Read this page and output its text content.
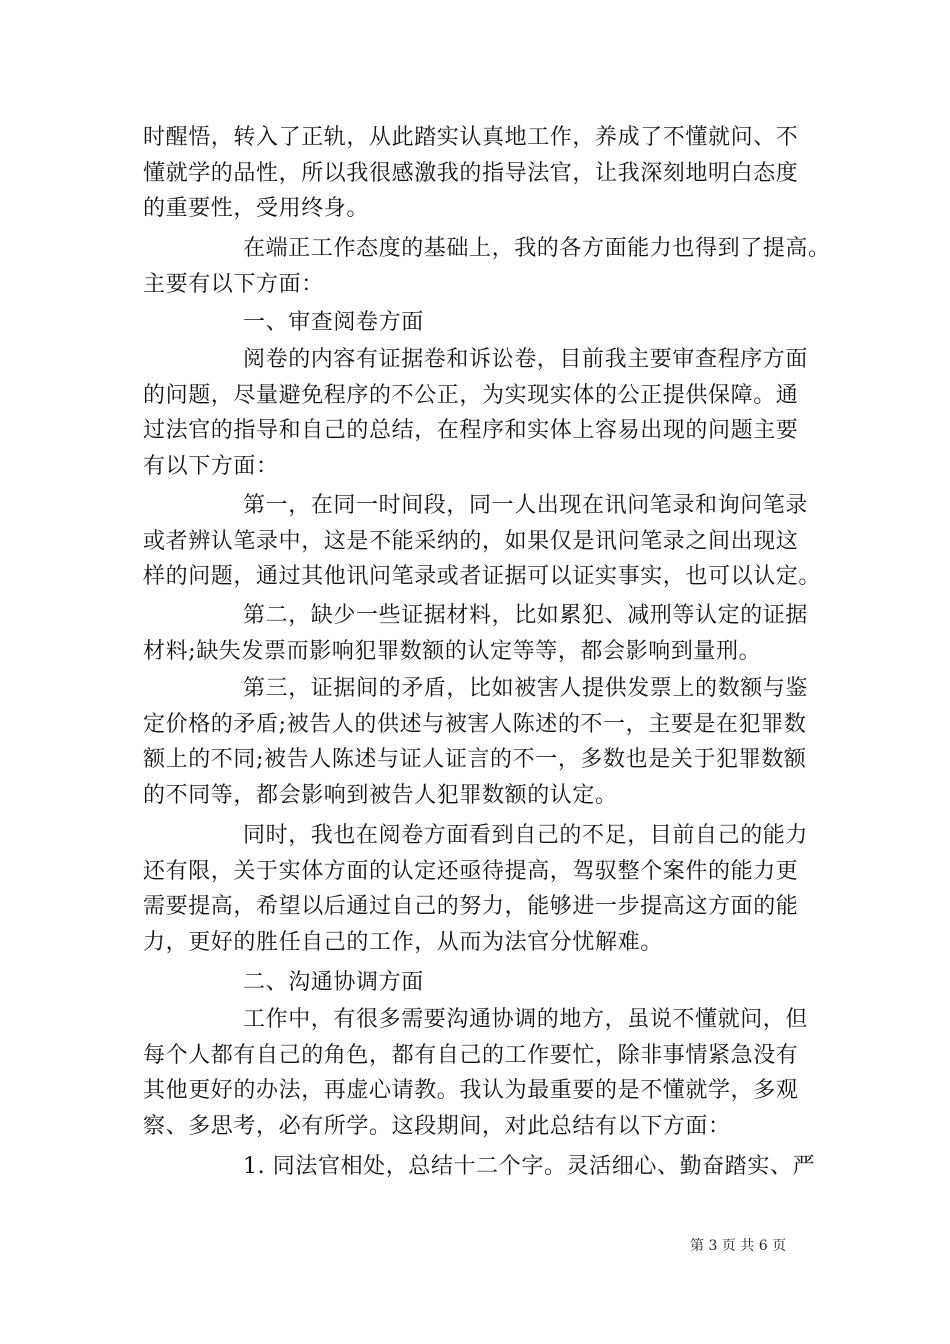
时醒悟，转入了正轨，从此踏实认真地工作，养成了不懂就问、不
懂就学的品性，所以我很感激我的指导法官，让我深刻地明白态度
的重要性，受用终身。

在端正工作态度的基础上，我的各方面能力也得到了提高。
主要有以下方面：

一、审查阅卷方面

阅卷的内容有证据卷和诉讼卷，目前我主要审查程序方面
的问题，尽量避免程序的不公正，为实现实体的公正提供保障。通
过法官的指导和自己的总结，在程序和实体上容易出现的问题主要
有以下方面：

第一，在同一时间段，同一人出现在讯问笔录和询问笔录
或者辨认笔录中，这是不能采纳的，如果仅是讯问笔录之间出现这
样的问题，通过其他讯问笔录或者证据可以证实事实，也可以认定。

第二，缺少一些证据材料，比如累犯、减刑等认定的证据
材料;缺失发票而影响犯罪数额的认定等等，都会影响到量刑。

第三，证据间的矛盾，比如被害人提供发票上的数额与鉴
定价格的矛盾;被告人的供述与被害人陈述的不一，主要是在犯罪数
额上的不同;被告人陈述与证人证言的不一，多数也是关于犯罪数额
的不同等，都会影响到被告人犯罪数额的认定。

同时，我也在阅卷方面看到自己的不足，目前自己的能力
还有限，关于实体方面的认定还亟待提高，驾驭整个案件的能力更
需要提高，希望以后通过自己的努力，能够进一步提高这方面的能
力，更好的胜任自己的工作，从而为法官分忧解难。

二、沟通协调方面

工作中，有很多需要沟通协调的地方，虽说不懂就问，但
每个人都有自己的角色，都有自己的工作要忙，除非事情紧急没有
其他更好的办法，再虚心请教。我认为最重要的是不懂就学，多观
察、多思考，必有所学。这段期间，对此总结有以下方面：

1. 同法官相处，总结十二个字。灵活细心、勤奋踏实、严

第 3 页 共 6 页
